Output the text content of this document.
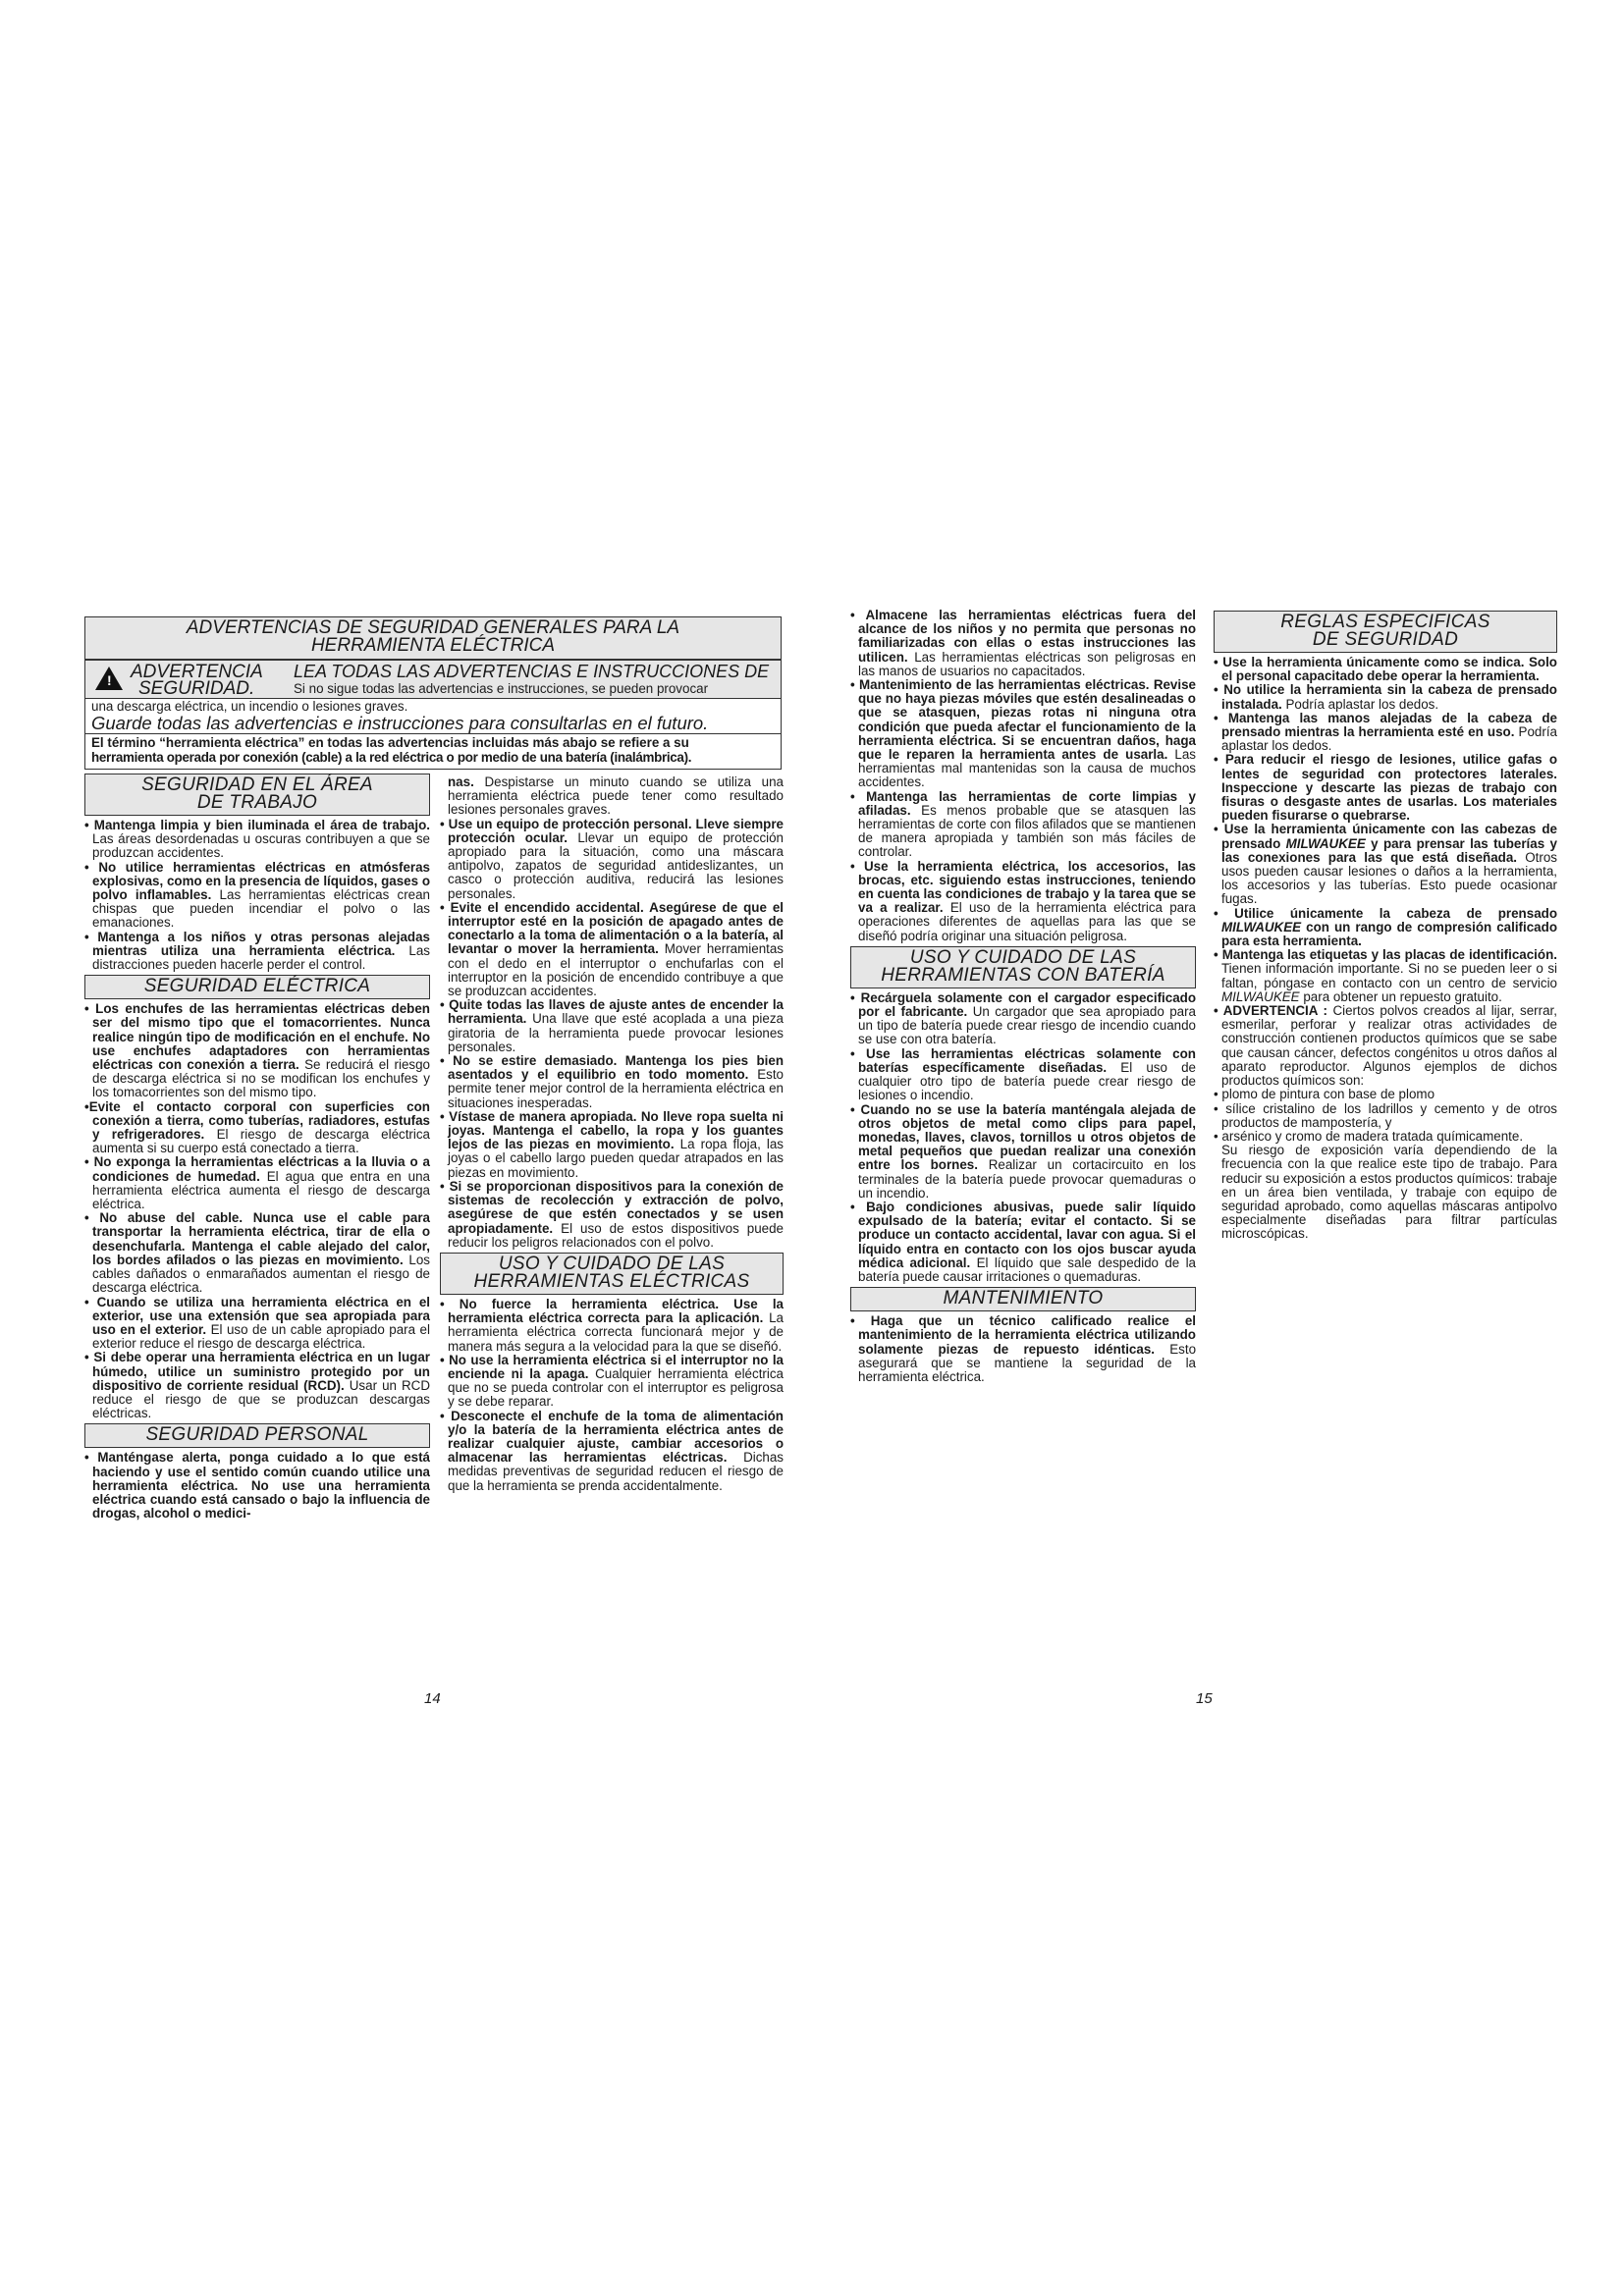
ADVERTENCIAS DE SEGURIDAD GENERALES PARA LA
HERRAMIENTA ELÉCTRICA
! ADVERTENCIA
SEGURIDAD.
LEA TODAS LAS ADVERTENCIAS E INSTRUCCIONES DE
Si no sigue todas las advertencias e instrucciones, se pueden provocar
una descarga eléctrica, un incendio o lesiones graves.
Guarde todas las advertencias e instrucciones para consultarlas en el futuro.
El término “herramienta eléctrica” en todas las advertencias incluidas más abajo se refiere a su
herramienta operada por conexión (cable) a la red eléctrica o por medio de una batería (inalámbrica).
SEGURIDAD EN EL ÁREA
DE TRABAJO

• Mantenga limpia y bien iluminada el área de trabajo. Las áreas desordenadas u oscuras contribuyen a que se produzcan accidentes.

• No utilice herramientas eléctricas en atmósferas explosivas, como en la presencia de líquidos, gases o polvo inflamables. Las herramientas eléctricas crean chispas que pueden incendiar el polvo o las emanaciones.

• Mantenga a los niños y otras personas alejadas mientras utiliza una herramienta eléctrica. Las distracciones pueden hacerle perder el control.

SEGURIDAD ELÉCTRICA

• Los enchufes de las herramientas eléctricas deben ser del mismo tipo que el tomacorrientes. Nunca realice ningún tipo de modificación en el enchufe. No use enchufes adaptadores con herramientas eléctricas con conexión a tierra. Se reducirá el riesgo de descarga eléctrica si no se modifican los enchufes y los tomacorrientes son del mismo tipo.

•Evite el contacto corporal con superficies con conexión a tierra, como tuberías, radiadores, estufas y refrigeradores. El riesgo de descarga eléctrica aumenta si su cuerpo está conectado a tierra.

• No exponga la herramientas eléctricas a la lluvia o a condiciones de humedad. El agua que entra en una herramienta eléctrica aumenta el riesgo de descarga eléctrica.

• No abuse del cable. Nunca use el cable para transportar la herramienta eléctrica, tirar de ella o desenchufarla. Mantenga el cable alejado del calor, los bordes afilados o las piezas en movimiento. Los cables dañados o enmarañados aumentan el riesgo de descarga eléctrica.

• Cuando se utiliza una herramienta eléctrica en el exterior, use una extensión que sea apropiada para uso en el exterior. El uso de un cable apropiado para el exterior reduce el riesgo de descarga eléctrica.

• Si debe operar una herramienta eléctrica en un lugar húmedo, utilice un suministro protegido por un dispositivo de corriente residual (RCD). Usar un RCD reduce el riesgo de que se produzcan descargas eléctricas.

SEGURIDAD PERSONAL

• Manténgase alerta, ponga cuidado a lo que está haciendo y use el sentido común cuando utilice una herramienta eléctrica. No use una herramienta eléctrica cuando está cansado o bajo la influencia de drogas, alcohol o medici-

nas. Despistarse un minuto cuando se utiliza una herramienta eléctrica puede tener como resultado lesiones personales graves.

• Use un equipo de protección personal. Lleve siempre protección ocular. Llevar un equipo de protección apropiado para la situación, como una máscara antipolvo, zapatos de seguridad antideslizantes, un casco o protección auditiva, reducirá las lesiones personales.

• Evite el encendido accidental. Asegúrese de que el interruptor esté en la posición de apagado antes de conectarlo a la toma de alimentación o a la batería, al levantar o mover la herramienta. Mover herramientas con el dedo en el interruptor o enchufarlas con el interruptor en la posición de encendido contribuye a que se produzcan accidentes.

• Quite todas las llaves de ajuste antes de encender la herramienta. Una llave que esté acoplada a una pieza giratoria de la herramienta puede provocar lesiones personales.

• No se estire demasiado. Mantenga los pies bien asentados y el equilibrio en todo momento. Esto permite tener mejor control de la herramienta eléctrica en situaciones inesperadas.

• Vístase de manera apropiada. No lleve ropa suelta ni joyas. Mantenga el cabello, la ropa y los guantes lejos de las piezas en movimiento. La ropa floja, las joyas o el cabello largo pueden quedar atrapados en las piezas en movimiento.

• Si se proporcionan dispositivos para la conexión de sistemas de recolección y extracción de polvo, asegúrese de que estén conectados y se usen apropiadamente. El uso de estos dispositivos puede reducir los peligros relacionados con el polvo.

USO Y CUIDADO DE LAS
HERRAMIENTAS ELÉCTRICAS

• No fuerce la herramienta eléctrica. Use la herramienta eléctrica correcta para la aplicación. La herramienta eléctrica correcta funcionará mejor y de manera más segura a la velocidad para la que se diseñó.

• No use la herramienta eléctrica si el interruptor no la enciende ni la apaga. Cualquier herramienta eléctrica que no se pueda controlar con el interruptor es peligrosa y se debe reparar.

• Desconecte el enchufe de la toma de alimentación y/o la batería de la herramienta eléctrica antes de realizar cualquier ajuste, cambiar accesorios o almacenar las herramientas eléctricas. Dichas medidas preventivas de seguridad reducen el riesgo de que la herramienta se prenda accidentalmente.

• Almacene las herramientas eléctricas fuera del alcance de los niños y no permita que personas no familiarizadas con ellas o estas instrucciones las utilicen. Las herramientas eléctricas son peligrosas en las manos de usuarios no capacitados.

• Mantenimiento de las herramientas eléctricas. Revise que no haya piezas móviles que estén desalineadas o que se atasquen, piezas rotas ni ninguna otra condición que pueda afectar el funcionamiento de la herramienta eléctrica. Si se encuentran daños, haga que le reparen la herramienta antes de usarla. Las herramientas mal mantenidas son la causa de muchos accidentes.

• Mantenga las herramientas de corte limpias y afiladas. Es menos probable que se atasquen las herramientas de corte con filos afilados que se mantienen de manera apropiada y también son más fáciles de controlar.

• Use la herramienta eléctrica, los accesorios, las brocas, etc. siguiendo estas instrucciones, teniendo en cuenta las condiciones de trabajo y la tarea que se va a realizar. El uso de la herramienta eléctrica para operaciones diferentes de aquellas para las que se diseñó podría originar una situación peligrosa.

USO Y CUIDADO DE LAS
HERRAMIENTAS CON BATERÍA

• Recárguela solamente con el cargador especificado por el fabricante. Un cargador que sea apropiado para un tipo de batería puede crear riesgo de incendio cuando se use con otra batería.

• Use las herramientas eléctricas solamente con baterías específicamente diseñadas. El uso de cualquier otro tipo de batería puede crear riesgo de lesiones o incendio.

• Cuando no se use la batería manténgala alejada de otros objetos de metal como clips para papel, monedas, llaves, clavos, tornillos u otros objetos de metal pequeños que puedan realizar una conexión entre los bornes. Realizar un cortacircuito en los terminales de la batería puede provocar quemaduras o un incendio.

• Bajo condiciones abusivas, puede salir líquido expulsado de la batería; evitar el contacto. Si se produce un contacto accidental, lavar con agua. Si el líquido entra en contacto con los ojos buscar ayuda médica adicional. El líquido que sale despedido de la batería puede causar irritaciones o quemaduras.

MANTENIMIENTO

• Haga que un técnico calificado realice el mantenimiento de la herramienta eléctrica utilizando solamente piezas de repuesto idénticas. Esto asegurará que se mantiene la seguridad de la herramienta eléctrica.

REGLAS ESPECIFICAS
DE SEGURIDAD

• Use la herramienta únicamente como se indica. Solo el personal capacitado debe operar la herramienta.

• No utilice la herramienta sin la cabeza de prensado instalada. Podría aplastar los dedos.

• Mantenga las manos alejadas de la cabeza de prensado mientras la herramienta esté en uso. Podría aplastar los dedos.

• Para reducir el riesgo de lesiones, utilice gafas o lentes de seguridad con protectores laterales. Inspeccione y descarte las piezas de trabajo con fisuras o desgaste antes de usarlas. Los materiales pueden fisurarse o quebrarse.

• Use la herramienta únicamente con las cabezas de prensado MILWAUKEE y para prensar las tuberías y las conexiones para las que está diseñada. Otros usos pueden causar lesiones o daños a la herramienta, los accesorios y las tuberías. Esto puede ocasionar fugas.

• Utilice únicamente la cabeza de prensado MILWAUKEE con un rango de compresión calificado para esta herramienta.

• Mantenga las etiquetas y las placas de identificación. Tienen información importante. Si no se pueden leer o si faltan, póngase en contacto con un centro de servicio MILWAUKEE para obtener un repuesto gratuito.

• ADVERTENCIA : Ciertos polvos creados al lijar, serrar, esmerilar, perforar y realizar otras actividades de construcción contienen productos químicos que se sabe que causan cáncer, defectos congénitos u otros daños al aparato reproductor. Algunos ejemplos de dichos productos químicos son:

• plomo de pintura con base de plomo

• sílice cristalino de los ladrillos y cemento y de otros productos de mampostería, y

• arsénico y cromo de madera tratada químicamente.

Su riesgo de exposición varía dependiendo de la frecuencia con la que realice este tipo de trabajo. Para reducir su exposición a estos productos químicos: trabaje en un área bien ventilada, y trabaje con equipo de seguridad aprobado, como aquellas máscaras antipolvo especialmente diseñadas para filtrar partículas microscópicas.

14	15
